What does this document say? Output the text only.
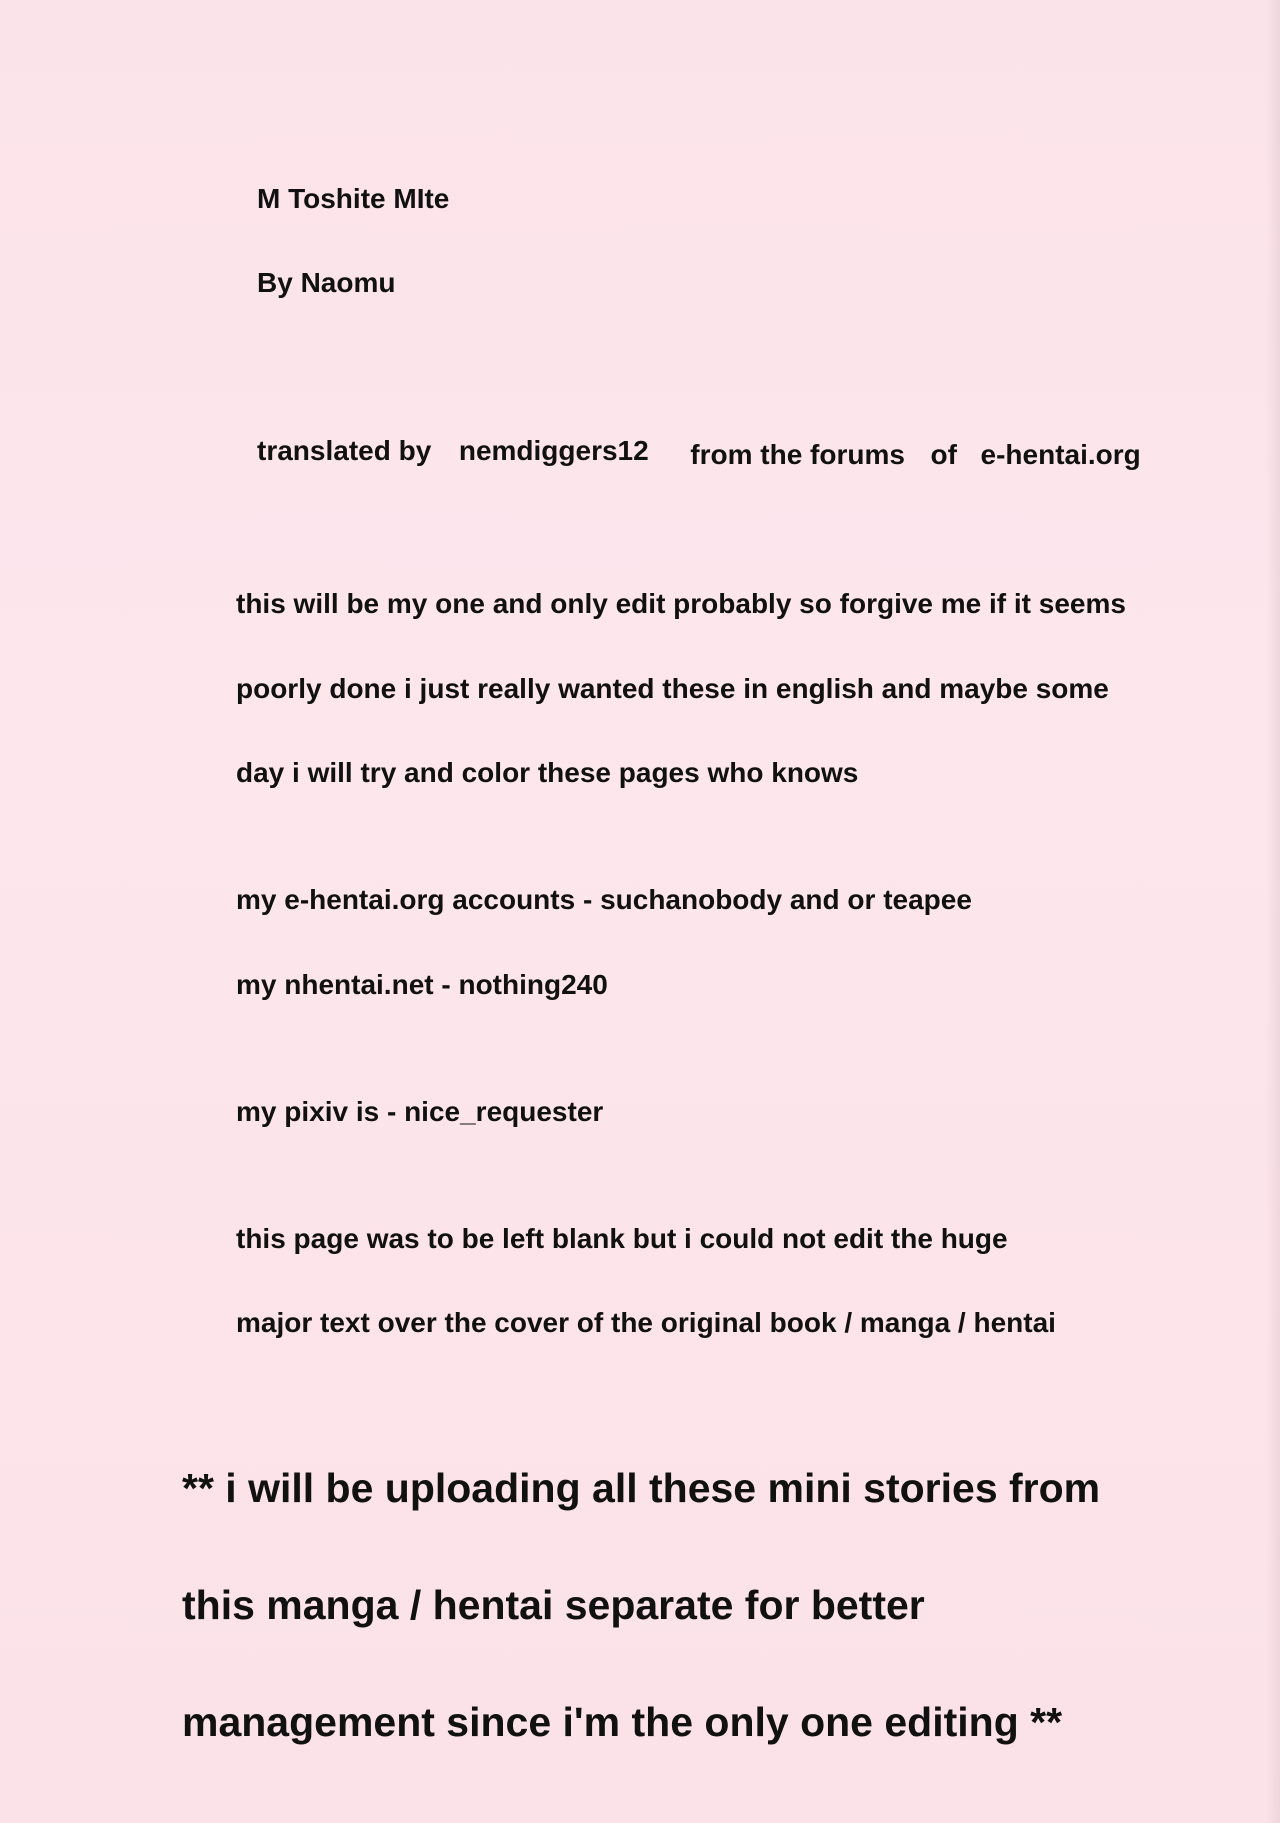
M Toshite MIte
By Naomu
translated by nemdiggers12 from the forums of e-hentai.org
this will be my one and only edit probably so forgive me if it seems
poorly done i just really wanted these in english and maybe some
day i will try and color these pages who knows
my e-hentai.org accounts - suchanobody and or teapee
my nhentai.net - nothing240
my pixiv is - nice_requester
this page was to be left blank but i could not edit the huge
major text over the cover of the original book / manga / hentai
** i will be uploading all these mini stories from
this manga / hentai separate for better
management since i'm the only one editing **
